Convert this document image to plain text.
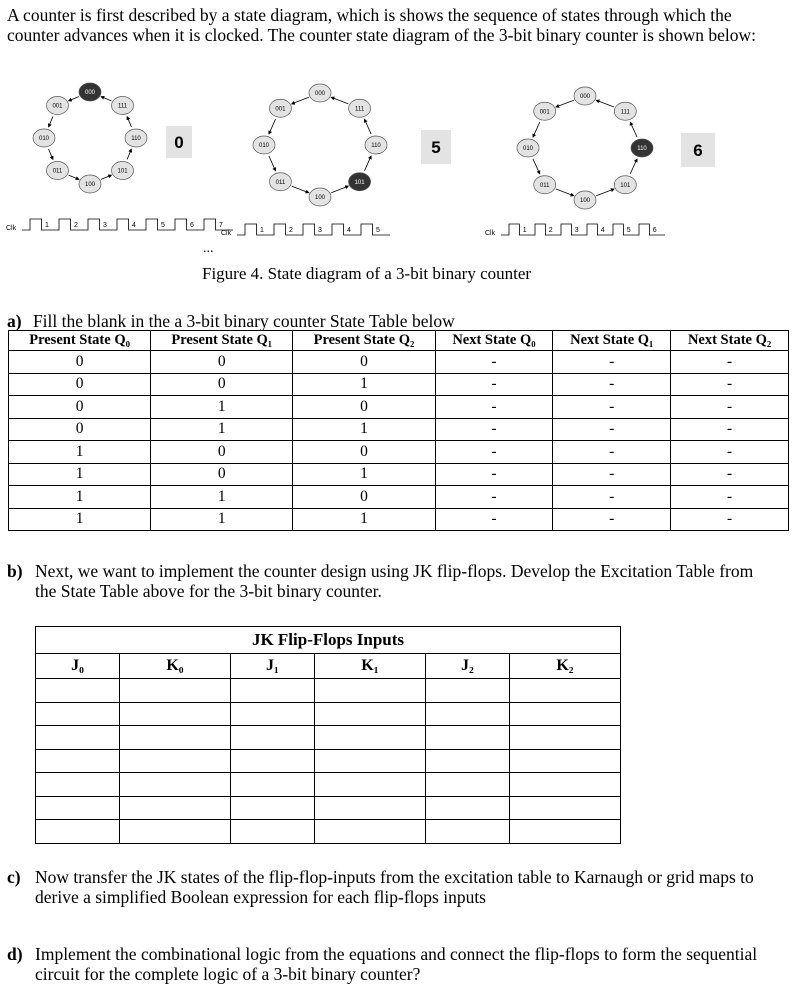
A counter is first described by a state diagram, which is shows the sequence of states through which the counter advances when it is clocked. The counter state diagram of the 3-bit binary counter is shown below:
000
111
110
101
100
011
010
001
000
111
110
101
100
011
010
001
000
111
110
101
100
011
010
001
0	5	6
Clk	1	2	3	4	5	6	7
Clk	1	2	3	4	5	Clk	1	2	3	4	5	6
...
Figure 4. State diagram of a 3-bit binary counter
a) Fill the blank in the a 3-bit binary counter State Table below
Present State Q₀	Present State Q₁	Present State Q₂	Next State Q₀	Next State Q₁	Next State Q₂
0	0	0	-	-	-
0	0	1	-	-	-
0	1	0	-	-	-
0	1	1	-	-	-
1	0	0	-	-	-
1	0	1	-	-	-
1	1	0	-	-	-
1	1	1	-	-	-
b) Next, we want to implement the counter design using JK flip-flops. Develop the Excitation Table from the State Table above for the 3-bit binary counter.
JK Flip-Flops Inputs					
J₀	K₀	J₁	K₁	J₂	K₂

c) Now transfer the JK states of the flip-flop-inputs from the excitation table to Karnaugh or grid maps to derive a simplified Boolean expression for each flip-flops inputs
d) Implement the combinational logic from the equations and connect the flip-flops to form the sequential circuit for the complete logic of a 3-bit binary counter?
